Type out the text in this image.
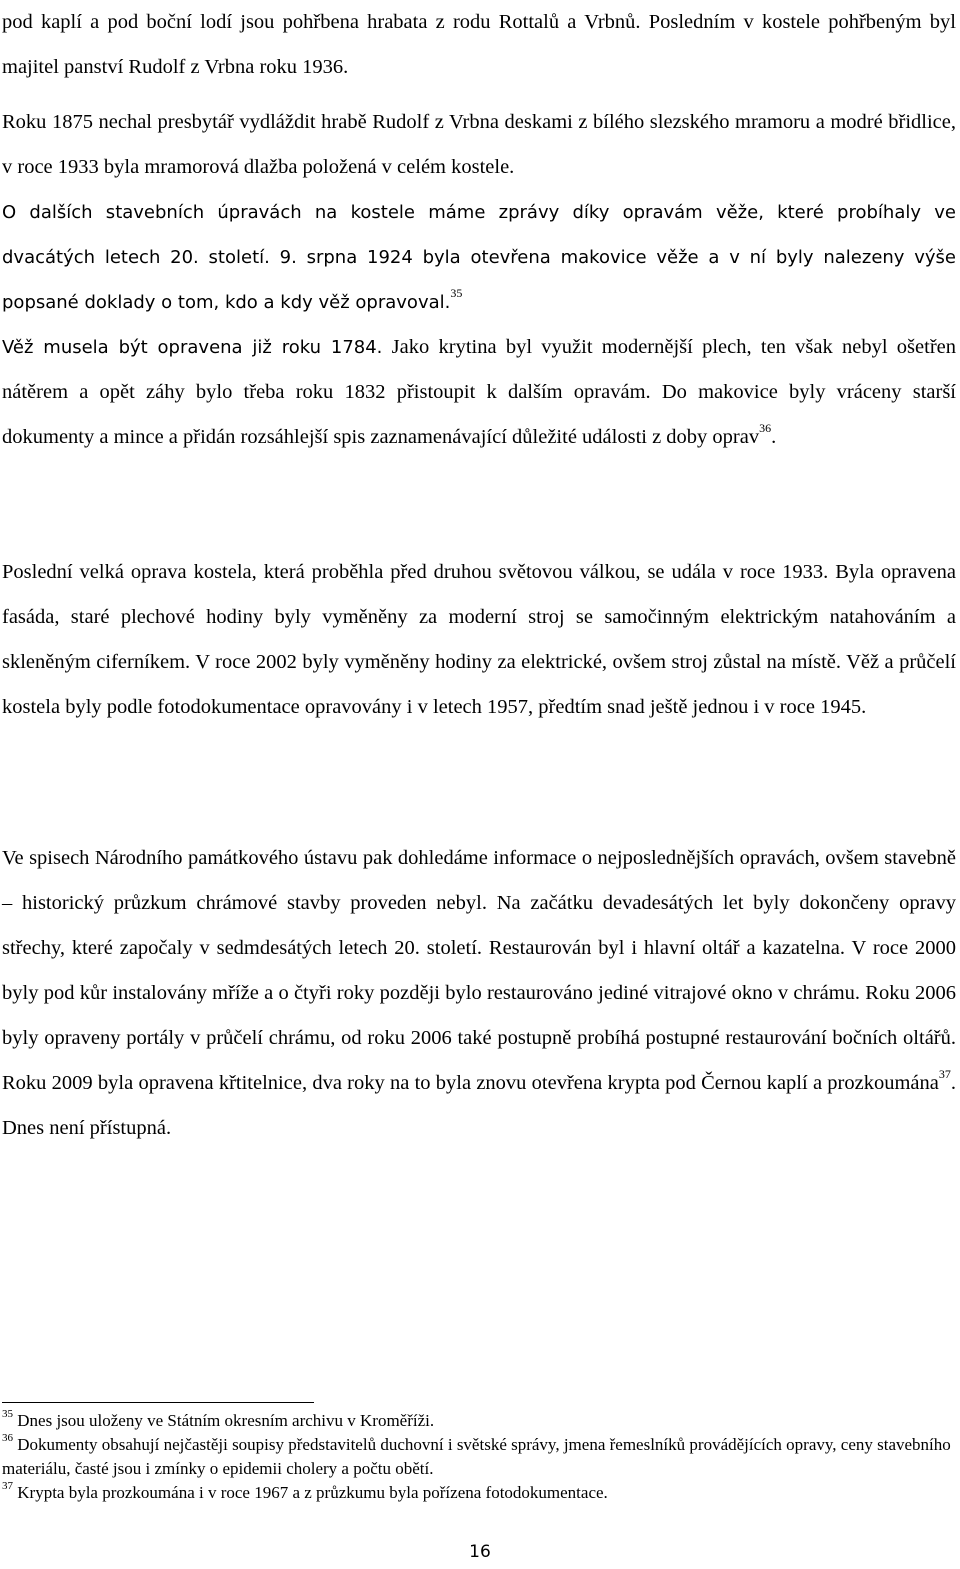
pod kaplí a pod boční lodí jsou pohřbena hrabata z rodu Rottalů a Vrbnů. Posledním v kostele pohřbeným byl majitel panství Rudolf z Vrbna roku 1936.

Roku 1875 nechal presbytář vydláždit hrabě Rudolf z Vrbna deskami z bílého slezského mramoru a modré břidlice, v roce 1933 byla mramorová dlažba položená v celém kostele.

O dalších stavebních úpravách na kostele máme zprávy díky opravám věže, které probíhaly ve dvacátých letech 20. století. 9. srpna 1924 byla otevřena makovice věže a v ní byly nalezeny výše popsané doklady o tom, kdo a kdy věž opravoval.$^{35}$

Věž musela být opravena již roku 1784. Jako krytina byl využit modernější plech, ten však nebyl ošetřen nátěrem a opět záhy bylo třeba roku 1832 přistoupit k dalším opravám. Do makovice byly vráceny starší dokumenty a mince a přidán rozsáhlejší spis zaznamenávající důležité události z doby oprav$^{36}$.

Poslední velká oprava kostela, která proběhla před druhou světovou válkou, se udála v roce 1933. Byla opravena fasáda, staré plechové hodiny byly vyměněny za moderní stroj se samočinným elektrickým natahováním a skleněným ciferníkem. V roce 2002 byly vyměněny hodiny za elektrické, ovšem stroj zůstal na místě. Věž a průčelí kostela byly podle fotodokumentace opravovány i v letech 1957, předtím snad ještě jednou i v roce 1945.

Ve spisech Národního památkového ústavu pak dohledáme informace o nejposlednějších opravách, ovšem stavebně – historický průzkum chrámové stavby proveden nebyl. Na začátku devadesátých let byly dokončeny opravy střechy, které započaly v sedmdesátých letech 20. století. Restaurován byl i hlavní oltář a kazatelna. V roce 2000 byly pod kůr instalovány mříže a o čtyři roky později bylo restaurováno jediné vitrajové okno v chrámu. Roku 2006 byly opraveny portály v průčelí chrámu, od roku 2006 také postupně probíhá postupné restaurování bočních oltářů. Roku 2009 byla opravena křtitelnice, dva roky na to byla znovu otevřena krypta pod Černou kaplí a prozkoumána$^{37}$. Dnes není přístupná.

$^{35}$ Dnes jsou uloženy ve Státním okresním archivu v Kroměříži.

$^{36}$ Dokumenty obsahují nejčastěji soupisy představitelů duchovní i světské správy, jmena řemeslníků provádějících opravy, ceny stavebního materiálu, časté jsou i zmínky o epidemii cholery a počtu obětí.

$^{37}$ Krypta byla prozkoumána i v roce 1967 a z průzkumu byla pořízena fotodokumentace.

16
